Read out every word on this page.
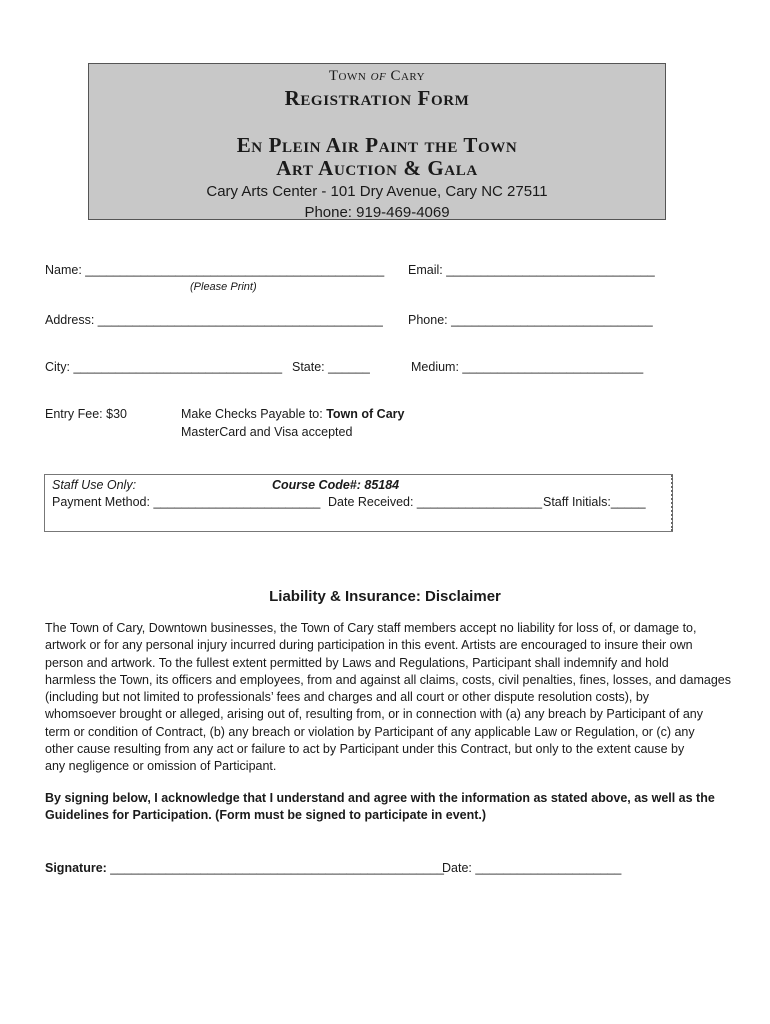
Town of Cary
Registration Form
En Plein Air Paint the Town
Art Auction & Gala
Cary Arts Center - 101 Dry Avenue, Cary NC 27511
Phone: 919-469-4069
Name: ___________________________________________
(Please Print)
Email: ______________________________
Address: _________________________________________ Phone: _____________________________
City: ______________________________ State: ______	Medium: __________________________
Entry Fee: $30	Make Checks Payable to: Town of Cary
MasterCard and Visa accepted
Staff Use Only:	Course Code#: 85184
Payment Method: ________________________ Date Received: __________________ Staff Initials:_____
Liability & Insurance: Disclaimer
The Town of Cary, Downtown businesses, the Town of Cary staff members accept no liability for loss of, or damage to,
artwork or for any personal injury incurred during participation in this event. Artists are encouraged to insure their own
person and artwork. To the fullest extent permitted by Laws and Regulations, Participant shall indemnify and hold
harmless the Town, its officers and employees, from and against all claims, costs, civil penalties, fines, losses, and damages
(including but not limited to professionals’ fees and charges and all court or other dispute resolution costs), by
whomsoever brought or alleged, arising out of, resulting from, or in connection with (a) any breach by Participant of any
term or condition of Contract, (b) any breach or violation by Participant of any applicable Law or Regulation, or (c) any
other cause resulting from any act or failure to act by Participant under this Contract, but only to the extent cause by
any negligence or omission of Participant.
By signing below, I acknowledge that I understand and agree with the information as stated above, as well as the
Guidelines for Participation. (Form must be signed to participate in event.)
Signature: ________________________________________________
Date: _____________________
